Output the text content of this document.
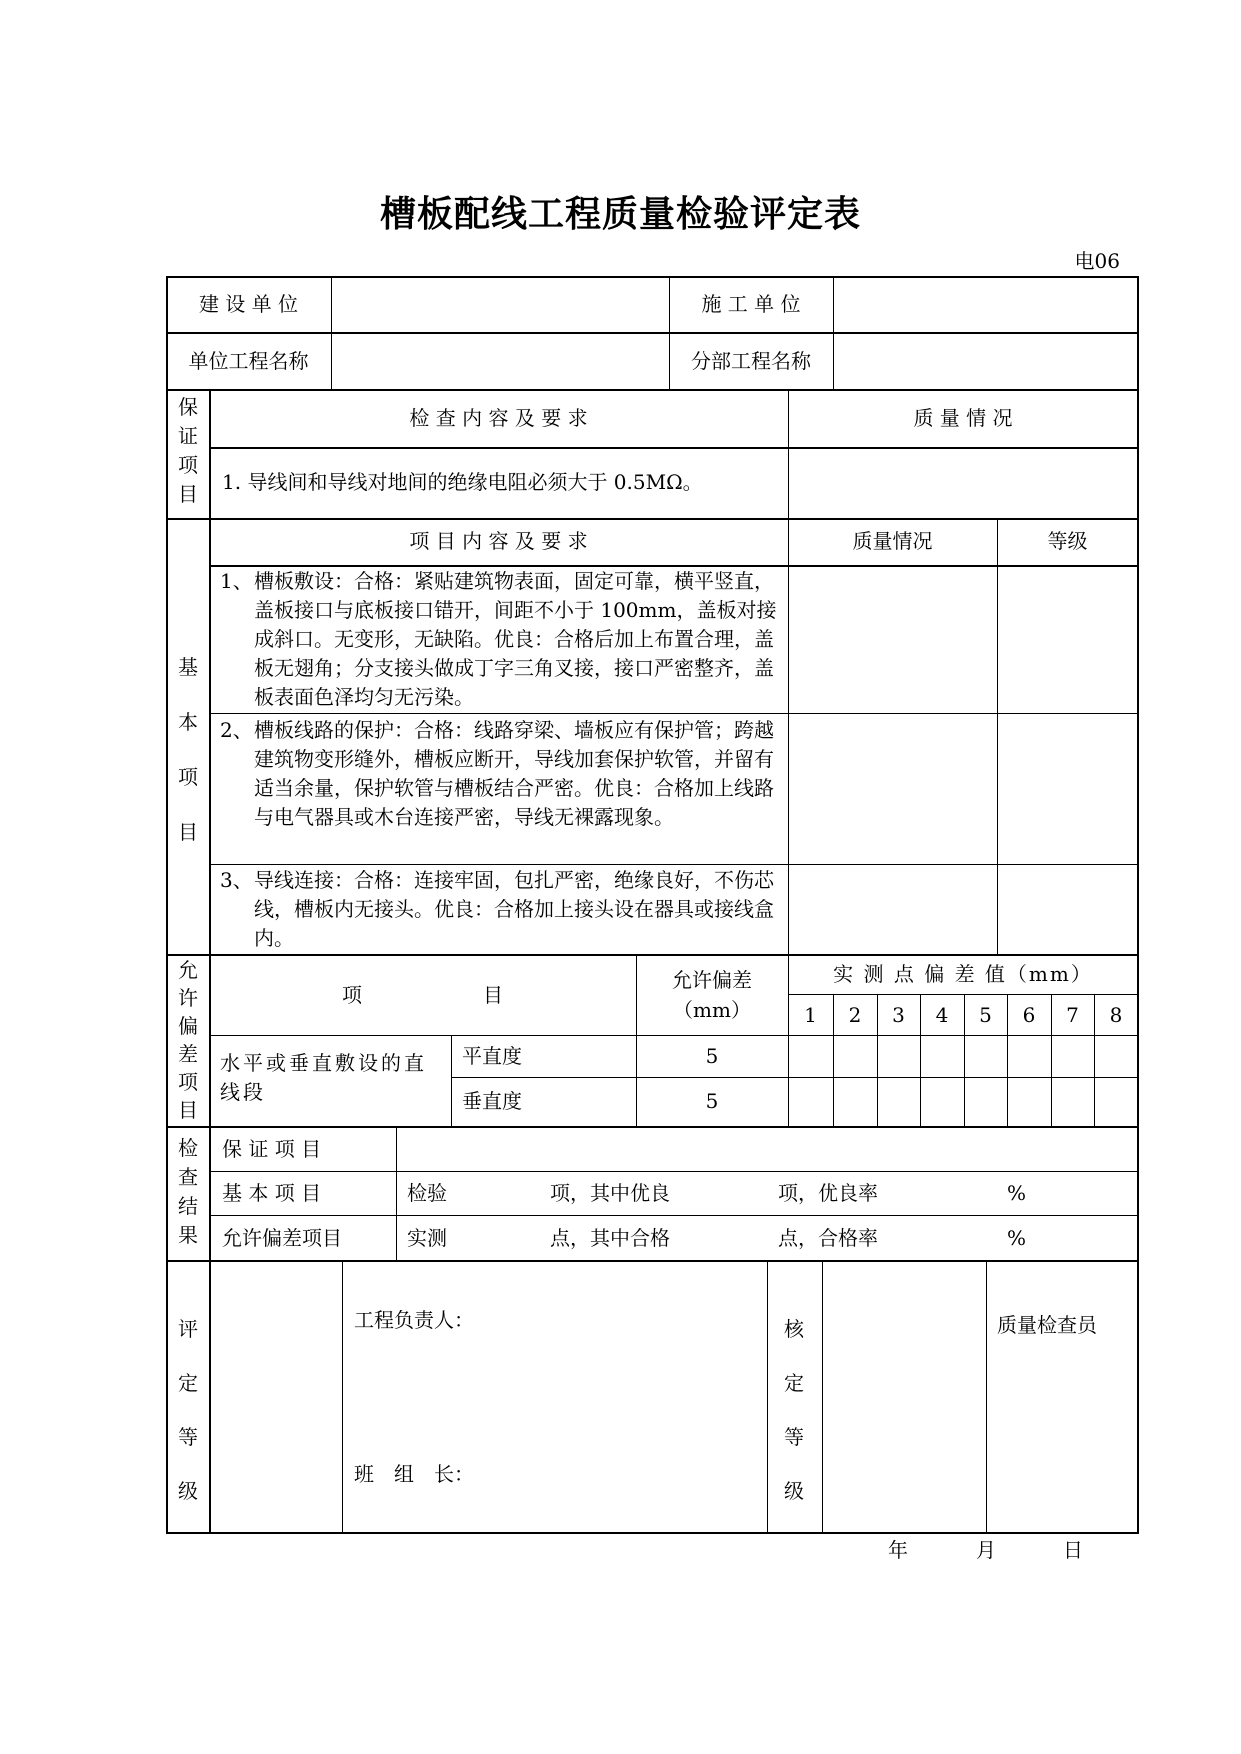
槽板配线工程质量检验评定表
电06
建 设 单 位	施 工 单 位
单位工程名称	分部工程名称
保
证
项
目
检 查 内 容 及 要 求	质 量 情 况
1. 导线间和导线对地间的绝缘电阻必须大于 0.5MΩ。
基
本
项
目
项 目 内 容 及 要 求	质量情况	等级
1、 槽板敷设：合格：紧贴建筑物表面，固定可靠，横平竖直，盖板接口与底板接口错开，间距不小于 100mm，盖板对接成斜口。无变形，无缺陷。优良：合格后加上布置合理，盖板无翅角；分支接头做成丁字三角叉接，接口严密整齐，盖板表面色泽均匀无污染。
2、 槽板线路的保护：合格：线路穿梁、墙板应有保护管；跨越建筑物变形缝外，槽板应断开，导线加套保护软管，并留有适当余量，保护软管与槽板结合严密。优良：合格加上线路与电气器具或木台连接严密，导线无裸露现象。
3、 导线连接：合格：连接牢固，包扎严密，绝缘良好，不伤芯线，槽板内无接头。优良：合格加上接头设在器具或接线盒内。
允
许
偏
差
项
目
项	目
允许偏差
（mm）
实 测 点 偏 差 值（mm）
1	2	3	4	5	6	7	8
水平或垂直敷设的直线段
平直度	5
垂直度	5
检
查
结
果
保 证 项 目
基 本 项 目	检验	项，其中优良	项，优良率	%
允许偏差项目	实测	点，其中合格	点，合格率	%
评
定
等
级
工程负责人：
班　组　长：
核
定
等
级
质量检查员
年	月	日
